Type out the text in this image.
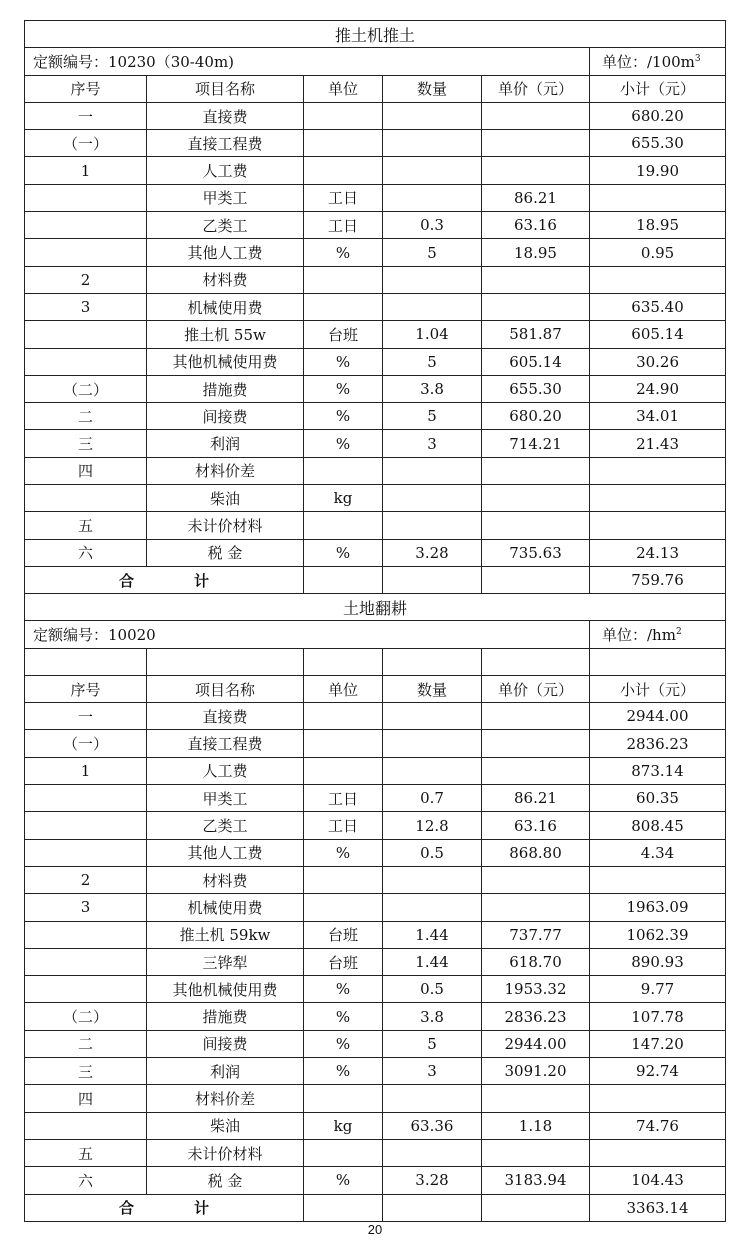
推土机推土					
定额编号：10230（30-40m)					单位：$/100m^3$
序号	项目名称	单位	数量	单价（元）	小计（元）
一	直接费				680.20
（一）	直接工程费				655.30
1	人工费				19.90
	甲类工	工日		86.21	
	乙类工	工日	0.3	63.16	18.95
	其他人工费	%	5	18.95	0.95
2	材料费				
3	机械使用费				635.40
	推土机 55w	台班	1.04	581.87	605.14
	其他机械使用费	%	5	605.14	30.26
（二）	措施费	%	3.8	655.30	24.90
二	间接费	%	5	680.20	34.01
三	利润	%	3	714.21	21.43
四	材料价差				
	柴油	kg			
五	未计价材料				
六	税 金	%	3.28	735.63	24.13
合 计					759.76
土地翻耕					
定额编号：10020					单位：$/hm^2$

序号	项目名称	单位	数量	单价（元）	小计（元）
一	直接费				2944.00
（一）	直接工程费				2836.23
1	人工费				873.14
	甲类工	工日	0.7	86.21	60.35
	乙类工	工日	12.8	63.16	808.45
	其他人工费	%	0.5	868.80	4.34
2	材料费				
3	机械使用费				1963.09
	推土机 59kw	台班	1.44	737.77	1062.39
	三铧犁	台班	1.44	618.70	890.93
	其他机械使用费	%	0.5	1953.32	9.77
（二）	措施费	%	3.8	2836.23	107.78
二	间接费	%	5	2944.00	147.20
三	利润	%	3	3091.20	92.74
四	材料价差				
	柴油	kg	63.36	1.18	74.76
五	未计价材料				
六	税 金	%	3.28	3183.94	104.43
合 计					3363.14
20
